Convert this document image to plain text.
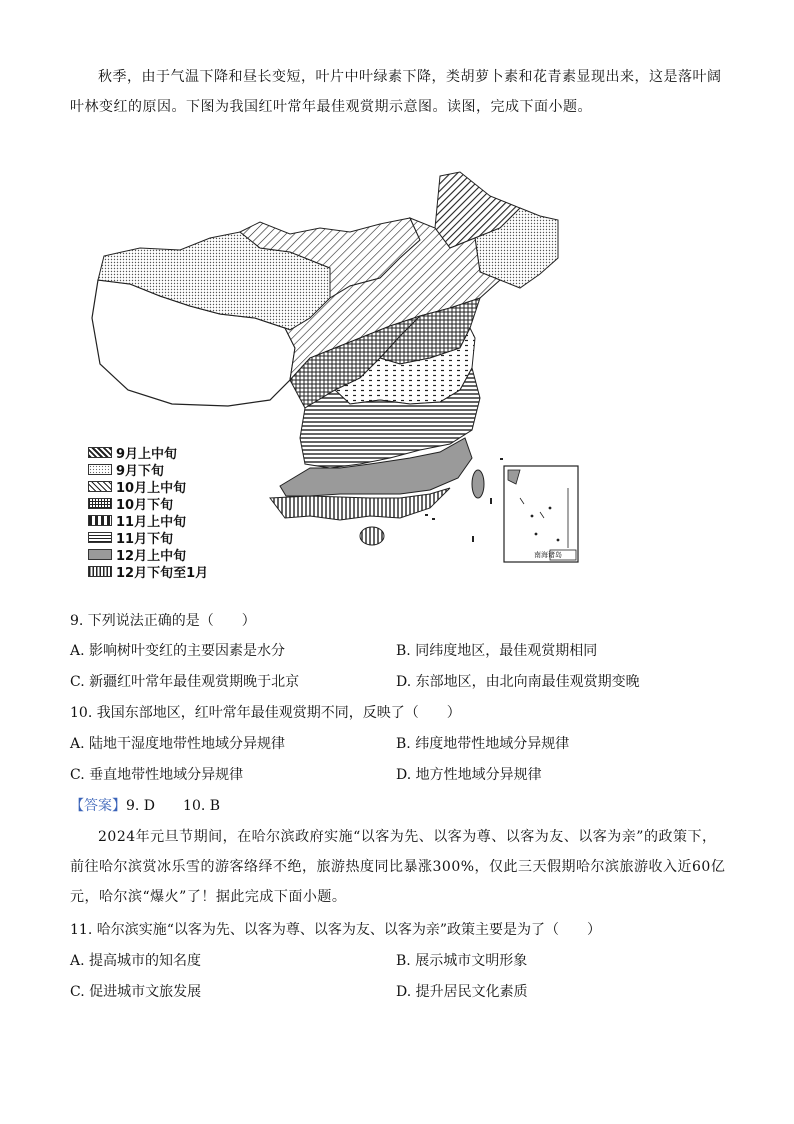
秋季，由于气温下降和昼长变短，叶片中叶绿素下降，类胡萝卜素和花青素显现出来，这是落叶阔叶林变红的原因。下图为我国红叶常年最佳观赏期示意图。读图，完成下面小题。
南海诸岛
9月上中旬
9月下旬
10月上中旬
10月下旬
11月上中旬
11月下旬
12月上中旬
12月下旬至1月
9. 下列说法正确的是（　　）
A. 影响树叶变红的主要因素是水分	B. 同纬度地区，最佳观赏期相同
C. 新疆红叶常年最佳观赏期晚于北京	D. 东部地区，由北向南最佳观赏期变晚
10. 我国东部地区，红叶常年最佳观赏期不同，反映了（　　）
A. 陆地干湿度地带性地域分异规律	B. 纬度地带性地域分异规律
C. 垂直地带性地域分异规律	D. 地方性地域分异规律
【答案】9. D　　10. B
2024年元旦节期间，在哈尔滨政府实施“以客为先、以客为尊、以客为友、以客为亲”的政策下，前往哈尔滨赏冰乐雪的游客络绎不绝，旅游热度同比暴涨300%，仅此三天假期哈尔滨旅游收入近60亿元，哈尔滨“爆火”了！据此完成下面小题。
11. 哈尔滨实施“以客为先、以客为尊、以客为友、以客为亲”政策主要是为了（　　）
A. 提高城市的知名度	B. 展示城市文明形象
C. 促进城市文旅发展	D. 提升居民文化素质
